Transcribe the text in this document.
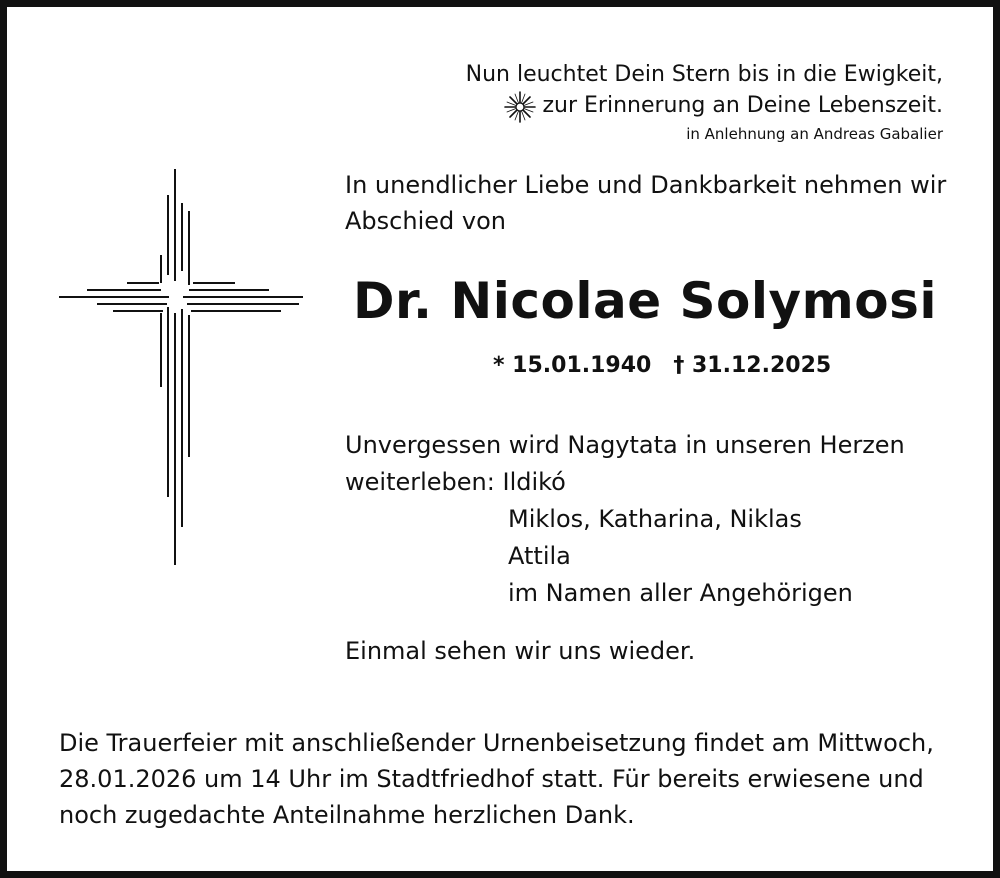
Nun leuchtet Dein Stern bis in die Ewigkeit,
zur Erinnerung an Deine Lebenszeit.
in Anlehnung an Andreas Gabalier
In unendlicher Liebe und Dankbarkeit nehmen wir
Abschied von
Dr. Nicolae Solymosi
* 15.01.1940 † 31.12.2025
Unvergessen wird Nagytata in unseren Herzen
weiterleben: Ildikó
Miklos, Katharina, Niklas
Attila
im Namen aller Angehörigen
Einmal sehen wir uns wieder.
Die Trauerfeier mit anschließender Urnenbeisetzung findet am Mittwoch,
28.01.2026 um 14 Uhr im Stadtfriedhof statt. Für bereits erwiesene und
noch zugedachte Anteilnahme herzlichen Dank.
